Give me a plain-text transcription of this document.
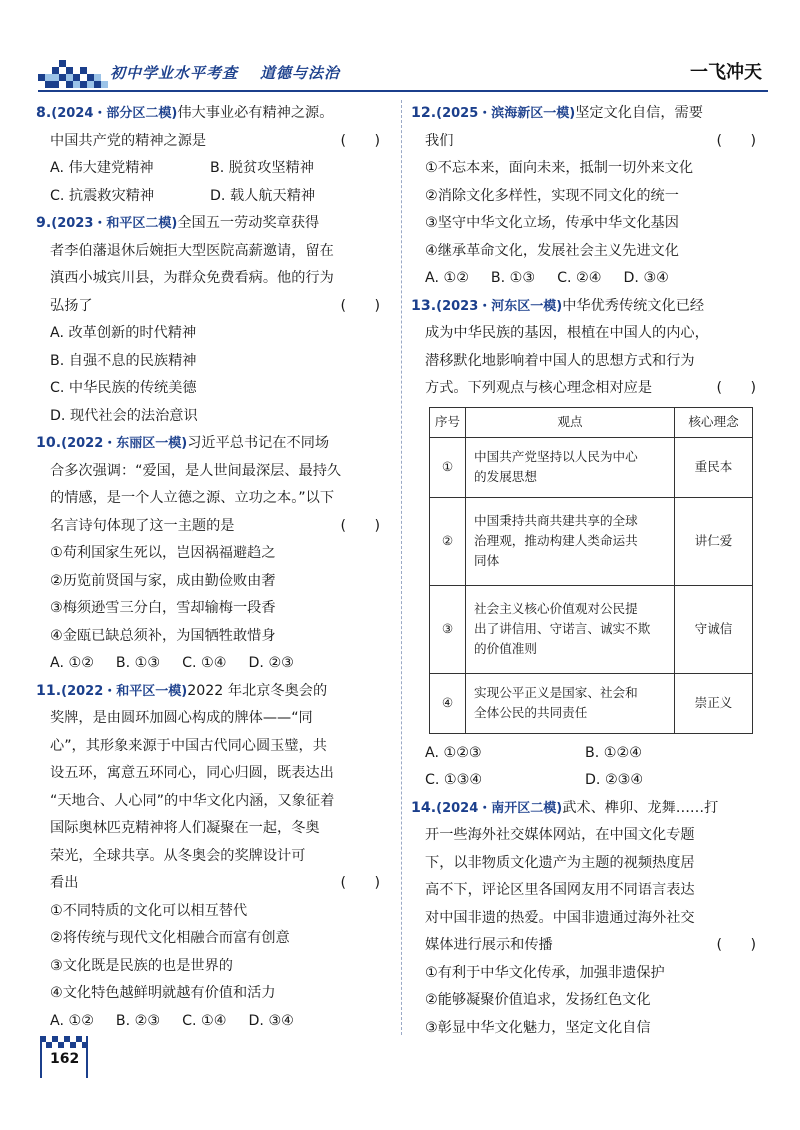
初中学业水平考查 道德与法治	一飞冲天
8.(2024・部分区二模)伟大事业必有精神之源。
中国共产党的精神之源是	(　　)
A. 伟大建党精神	B. 脱贫攻坚精神
C. 抗震救灾精神	D. 载人航天精神
9.(2023・和平区二模)全国五一劳动奖章获得
者李伯藩退休后婉拒大型医院高薪邀请，留在
滇西小城宾川县，为群众免费看病。他的行为
弘扬了	(　　)
A. 改革创新的时代精神
B. 自强不息的民族精神
C. 中华民族的传统美德
D. 现代社会的法治意识
10.(2022・东丽区一模)习近平总书记在不同场
合多次强调：“爱国，是人世间最深层、最持久
的情感，是一个人立德之源、立功之本。”以下
名言诗句体现了这一主题的是	(　　)
①苟利国家生死以，岂因祸福避趋之
②历览前贤国与家，成由勤俭败由奢
③梅须逊雪三分白，雪却输梅一段香
④金瓯已缺总须补，为国牺牲敢惜身
A. ①② B. ①③ C. ①④ D. ②③
11.(2022・和平区一模)2022 年北京冬奥会的
奖牌，是由圆环加圆心构成的牌体——“同
心”，其形象来源于中国古代同心圆玉璧，共
设五环，寓意五环同心，同心归圆，既表达出
“天地合、人心同”的中华文化内涵，又象征着
国际奥林匹克精神将人们凝聚在一起，冬奥
荣光，全球共享。从冬奥会的奖牌设计可
看出	(　　)
①不同特质的文化可以相互替代
②将传统与现代文化相融合而富有创意
③文化既是民族的也是世界的
④文化特色越鲜明就越有价值和活力
A. ①② B. ②③ C. ①④ D. ③④
12.(2025・滨海新区一模)坚定文化自信，需要
我们	(　　)
①不忘本来，面向未来，抵制一切外来文化
②消除文化多样性，实现不同文化的统一
③坚守中华文化立场，传承中华文化基因
④继承革命文化，发展社会主义先进文化
A. ①② B. ①③ C. ②④ D. ③④
13.(2023・河东区一模)中华优秀传统文化已经
成为中华民族的基因，根植在中国人的内心，
潜移默化地影响着中国人的思想方式和行为
方式。下列观点与核心理念相对应是	(　　)
序号	观点	核心理念
①	中国共产党坚持以人民为中心
的发展思想	重民本
②	中国秉持共商共建共享的全球
治理观，推动构建人类命运共
同体	讲仁爱
③	社会主义核心价值观对公民提
出了讲信用、守诺言、诚实不欺
的价值准则	守诚信
④	实现公平正义是国家、社会和
全体公民的共同责任	崇正义
A. ①②③	B. ①②④
C. ①③④	D. ②③④
14.(2024・南开区二模)武术、榫卯、龙舞……打
开一些海外社交媒体网站，在中国文化专题
下，以非物质文化遗产为主题的视频热度居
高不下，评论区里各国网友用不同语言表达
对中国非遗的热爱。中国非遗通过海外社交
媒体进行展示和传播	(　　)
①有利于中华文化传承，加强非遗保护
②能够凝聚价值追求，发扬红色文化
③彰显中华文化魅力，坚定文化自信
162
